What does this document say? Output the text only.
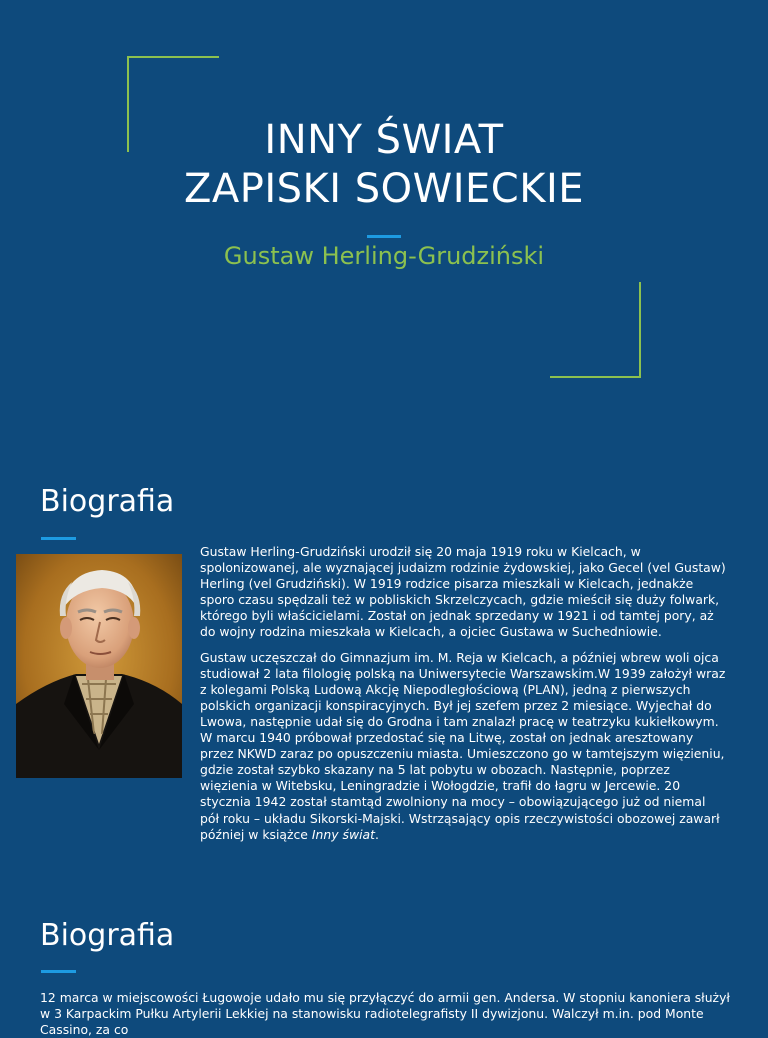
INNY ŚWIAT
ZAPISKI SOWIECKIE
Gustaw Herling-Grudziński
Biografia

Gustaw Herling-Grudziński urodził się 20 maja 1919 roku w Kielcach, w spolonizowanej, ale wyznającej judaizm rodzinie żydowskiej, jako Gecel (vel Gustaw) Herling (vel Grudziński). W 1919 rodzice pisarza mieszkali w Kielcach, jednakże sporo czasu spędzali też w pobliskich Skrzelczycach, gdzie mieścił się duży folwark, którego byli właścicielami. Został on jednak sprzedany w 1921 i od tamtej pory, aż do wojny rodzina mieszkała w Kielcach, a ojciec Gustawa w Suchedniowie.

Gustaw uczęszczał do Gimnazjum im. M. Reja w Kielcach, a później wbrew woli ojca studiował 2 lata filologię polską na Uniwersytecie Warszawskim.W 1939 założył wraz z kolegami Polską Ludową Akcję Niepodległościową (PLAN), jedną z pierwszych polskich organizacji konspiracyjnych. Był jej szefem przez 2 miesiące. Wyjechał do Lwowa, następnie udał się do Grodna i tam znalazł pracę w teatrzyku kukiełkowym. W marcu 1940 próbował przedostać się na Litwę, został on jednak aresztowany przez NKWD zaraz po opuszczeniu miasta. Umieszczono go w tamtejszym więzieniu, gdzie został szybko skazany na 5 lat pobytu w obozach. Następnie, poprzez więzienia w Witebsku, Leningradzie i Wołogdzie, trafił do łagru w Jercewie. 20 stycznia 1942 został stamtąd zwolniony na mocy – obowiązującego już od niemal pół roku – układu Sikorski-Majski. Wstrząsający opis rzeczywistości obozowej zawarł później w książce Inny świat.

Biografia
12 marca w miejscowości Ługowoje udało mu się przyłączyć do armii gen. Andersa. W stopniu kanoniera służył w 3 Karpackim Pułku Artylerii Lekkiej na stanowisku radiotelegrafisty II dywizjonu. Walczył m.in. pod Monte Cassino, za co
